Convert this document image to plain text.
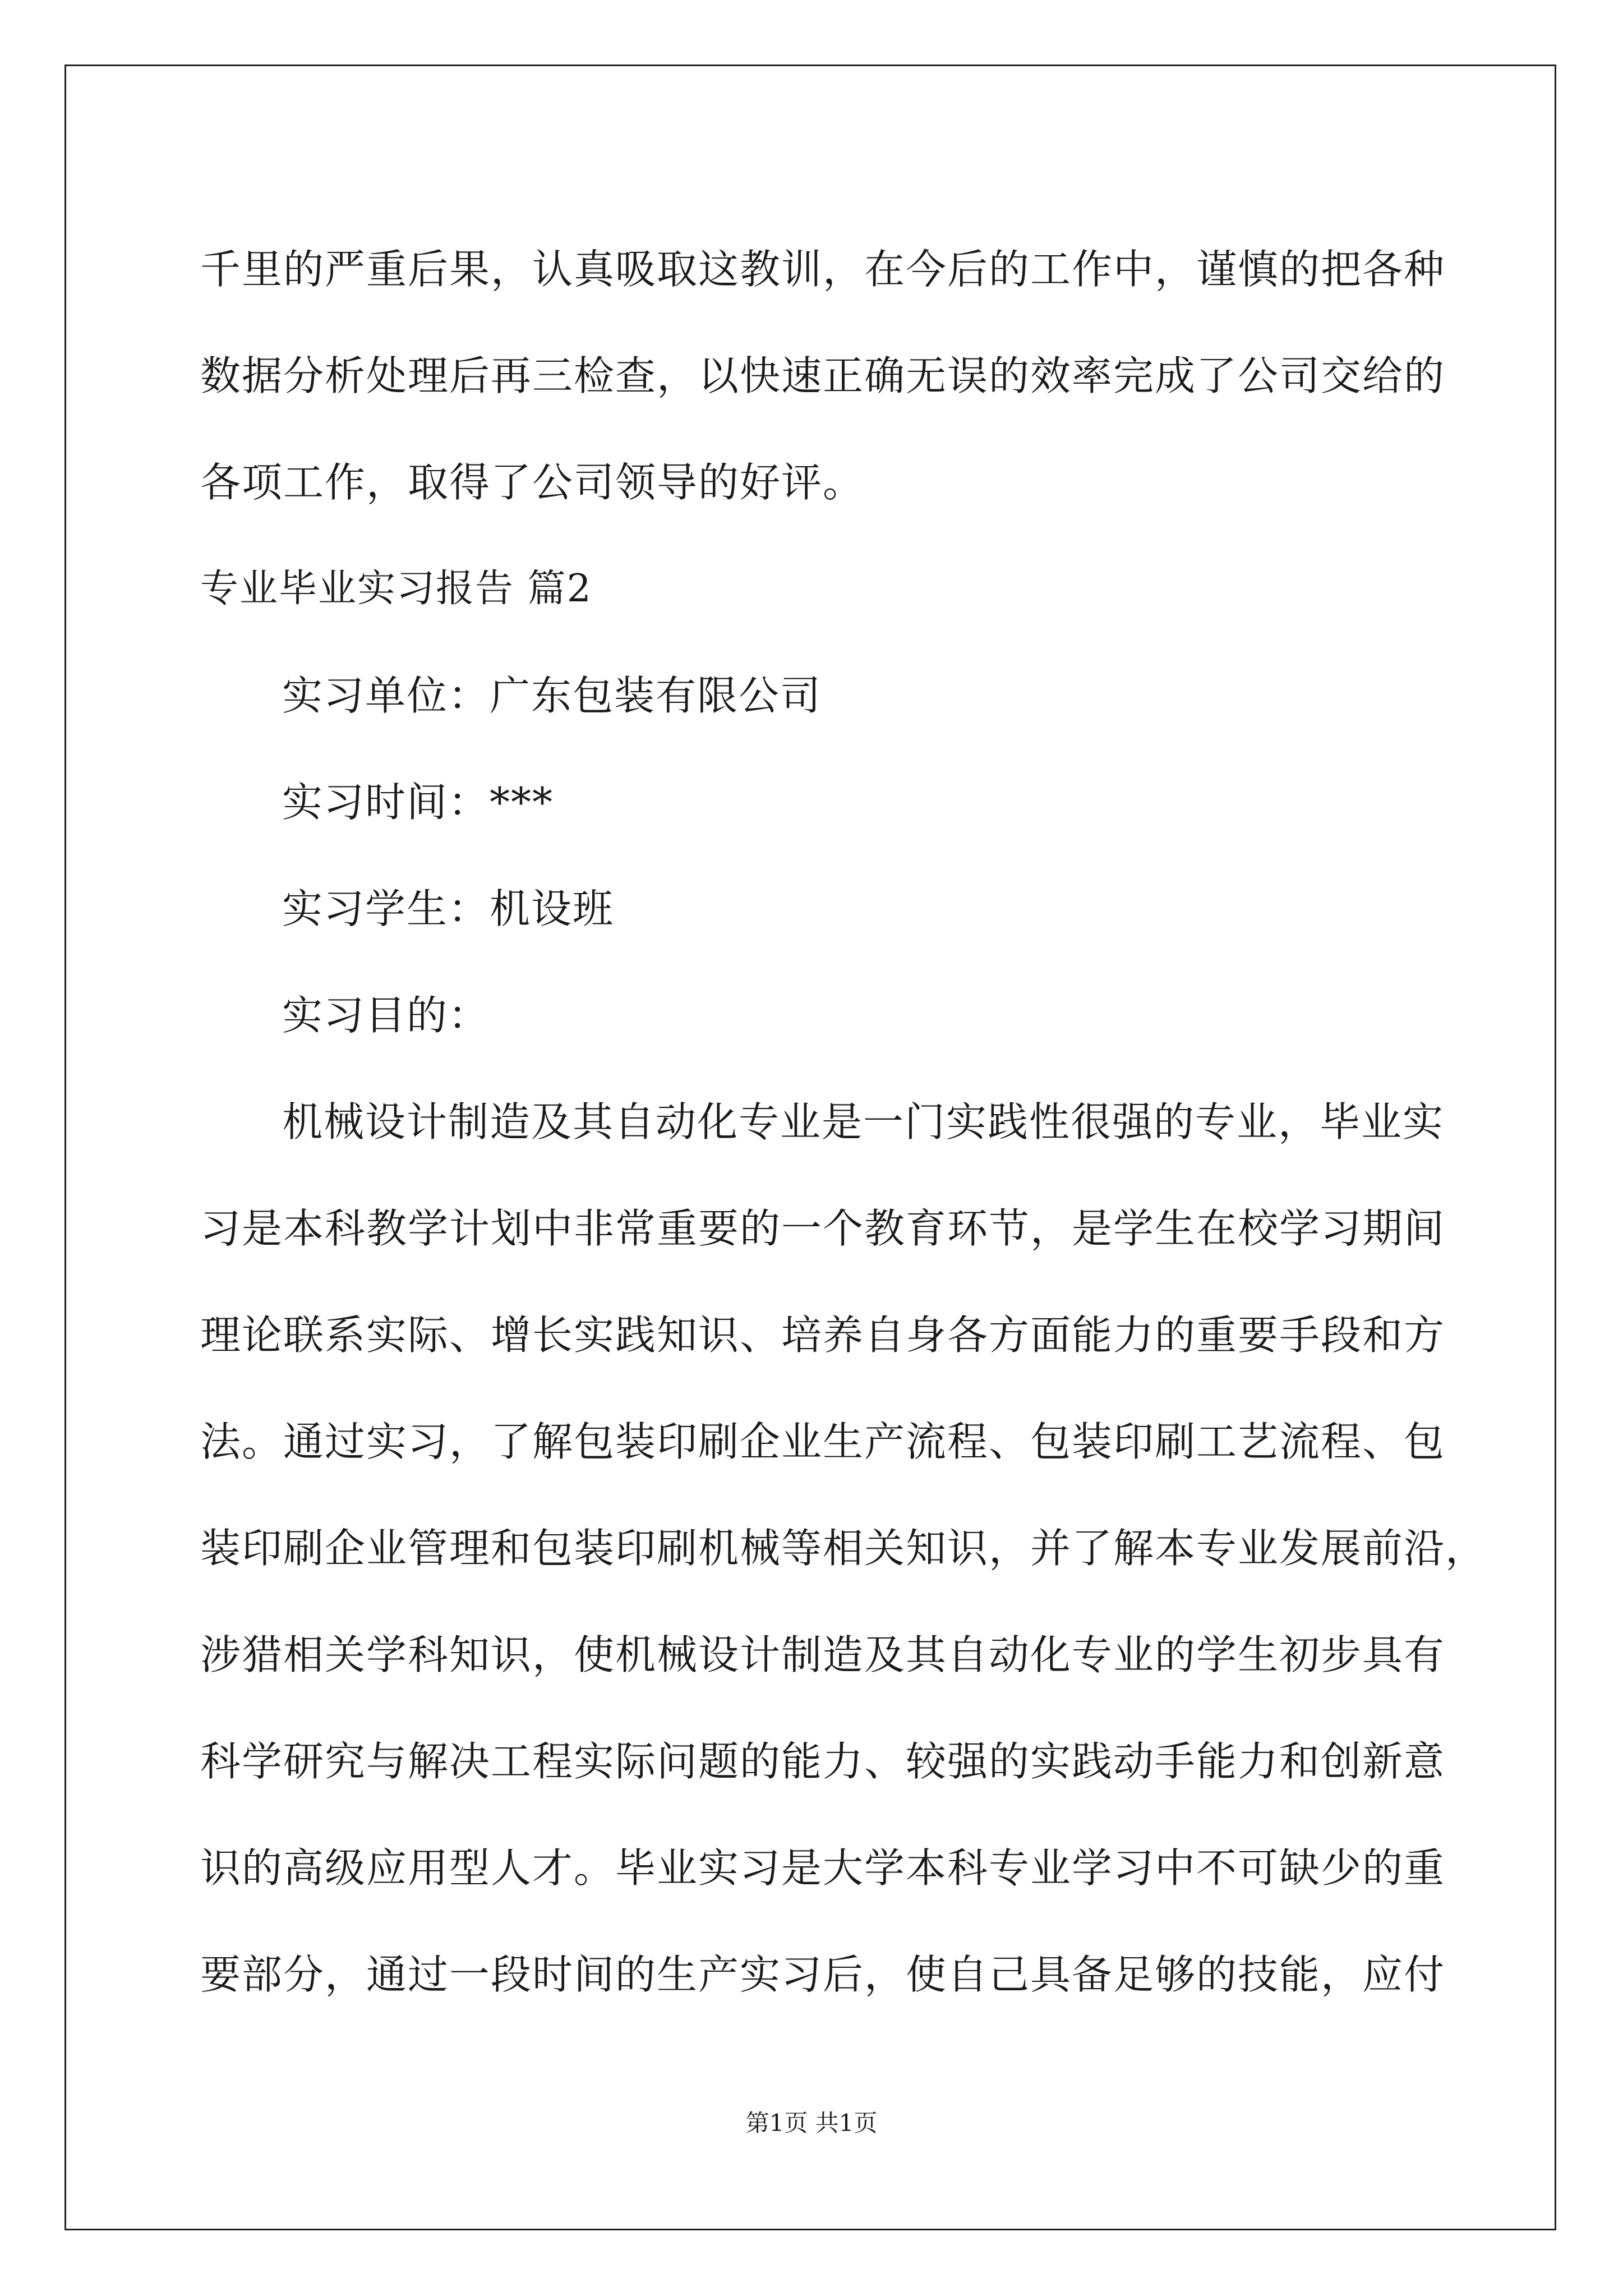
千里的严重后果，认真吸取这教训，在今后的工作中，谨慎的把各种
数据分析处理后再三检查，以快速正确无误的效率完成了公司交给的
各项工作，取得了公司领导的好评。
专业毕业实习报告 篇2
实习单位：广东包装有限公司
实习时间：***
实习学生：机设班
实习目的：
机械设计制造及其自动化专业是一门实践性很强的专业，毕业实
习是本科教学计划中非常重要的一个教育环节，是学生在校学习期间
理论联系实际、增长实践知识、培养自身各方面能力的重要手段和方
法。通过实习，了解包装印刷企业生产流程、包装印刷工艺流程、包
装印刷企业管理和包装印刷机械等相关知识，并了解本专业发展前沿，
涉猎相关学科知识，使机械设计制造及其自动化专业的学生初步具有
科学研究与解决工程实际问题的能力、较强的实践动手能力和创新意
识的高级应用型人才。毕业实习是大学本科专业学习中不可缺少的重
要部分，通过一段时间的生产实习后，使自己具备足够的技能，应付
第1页 共1页
